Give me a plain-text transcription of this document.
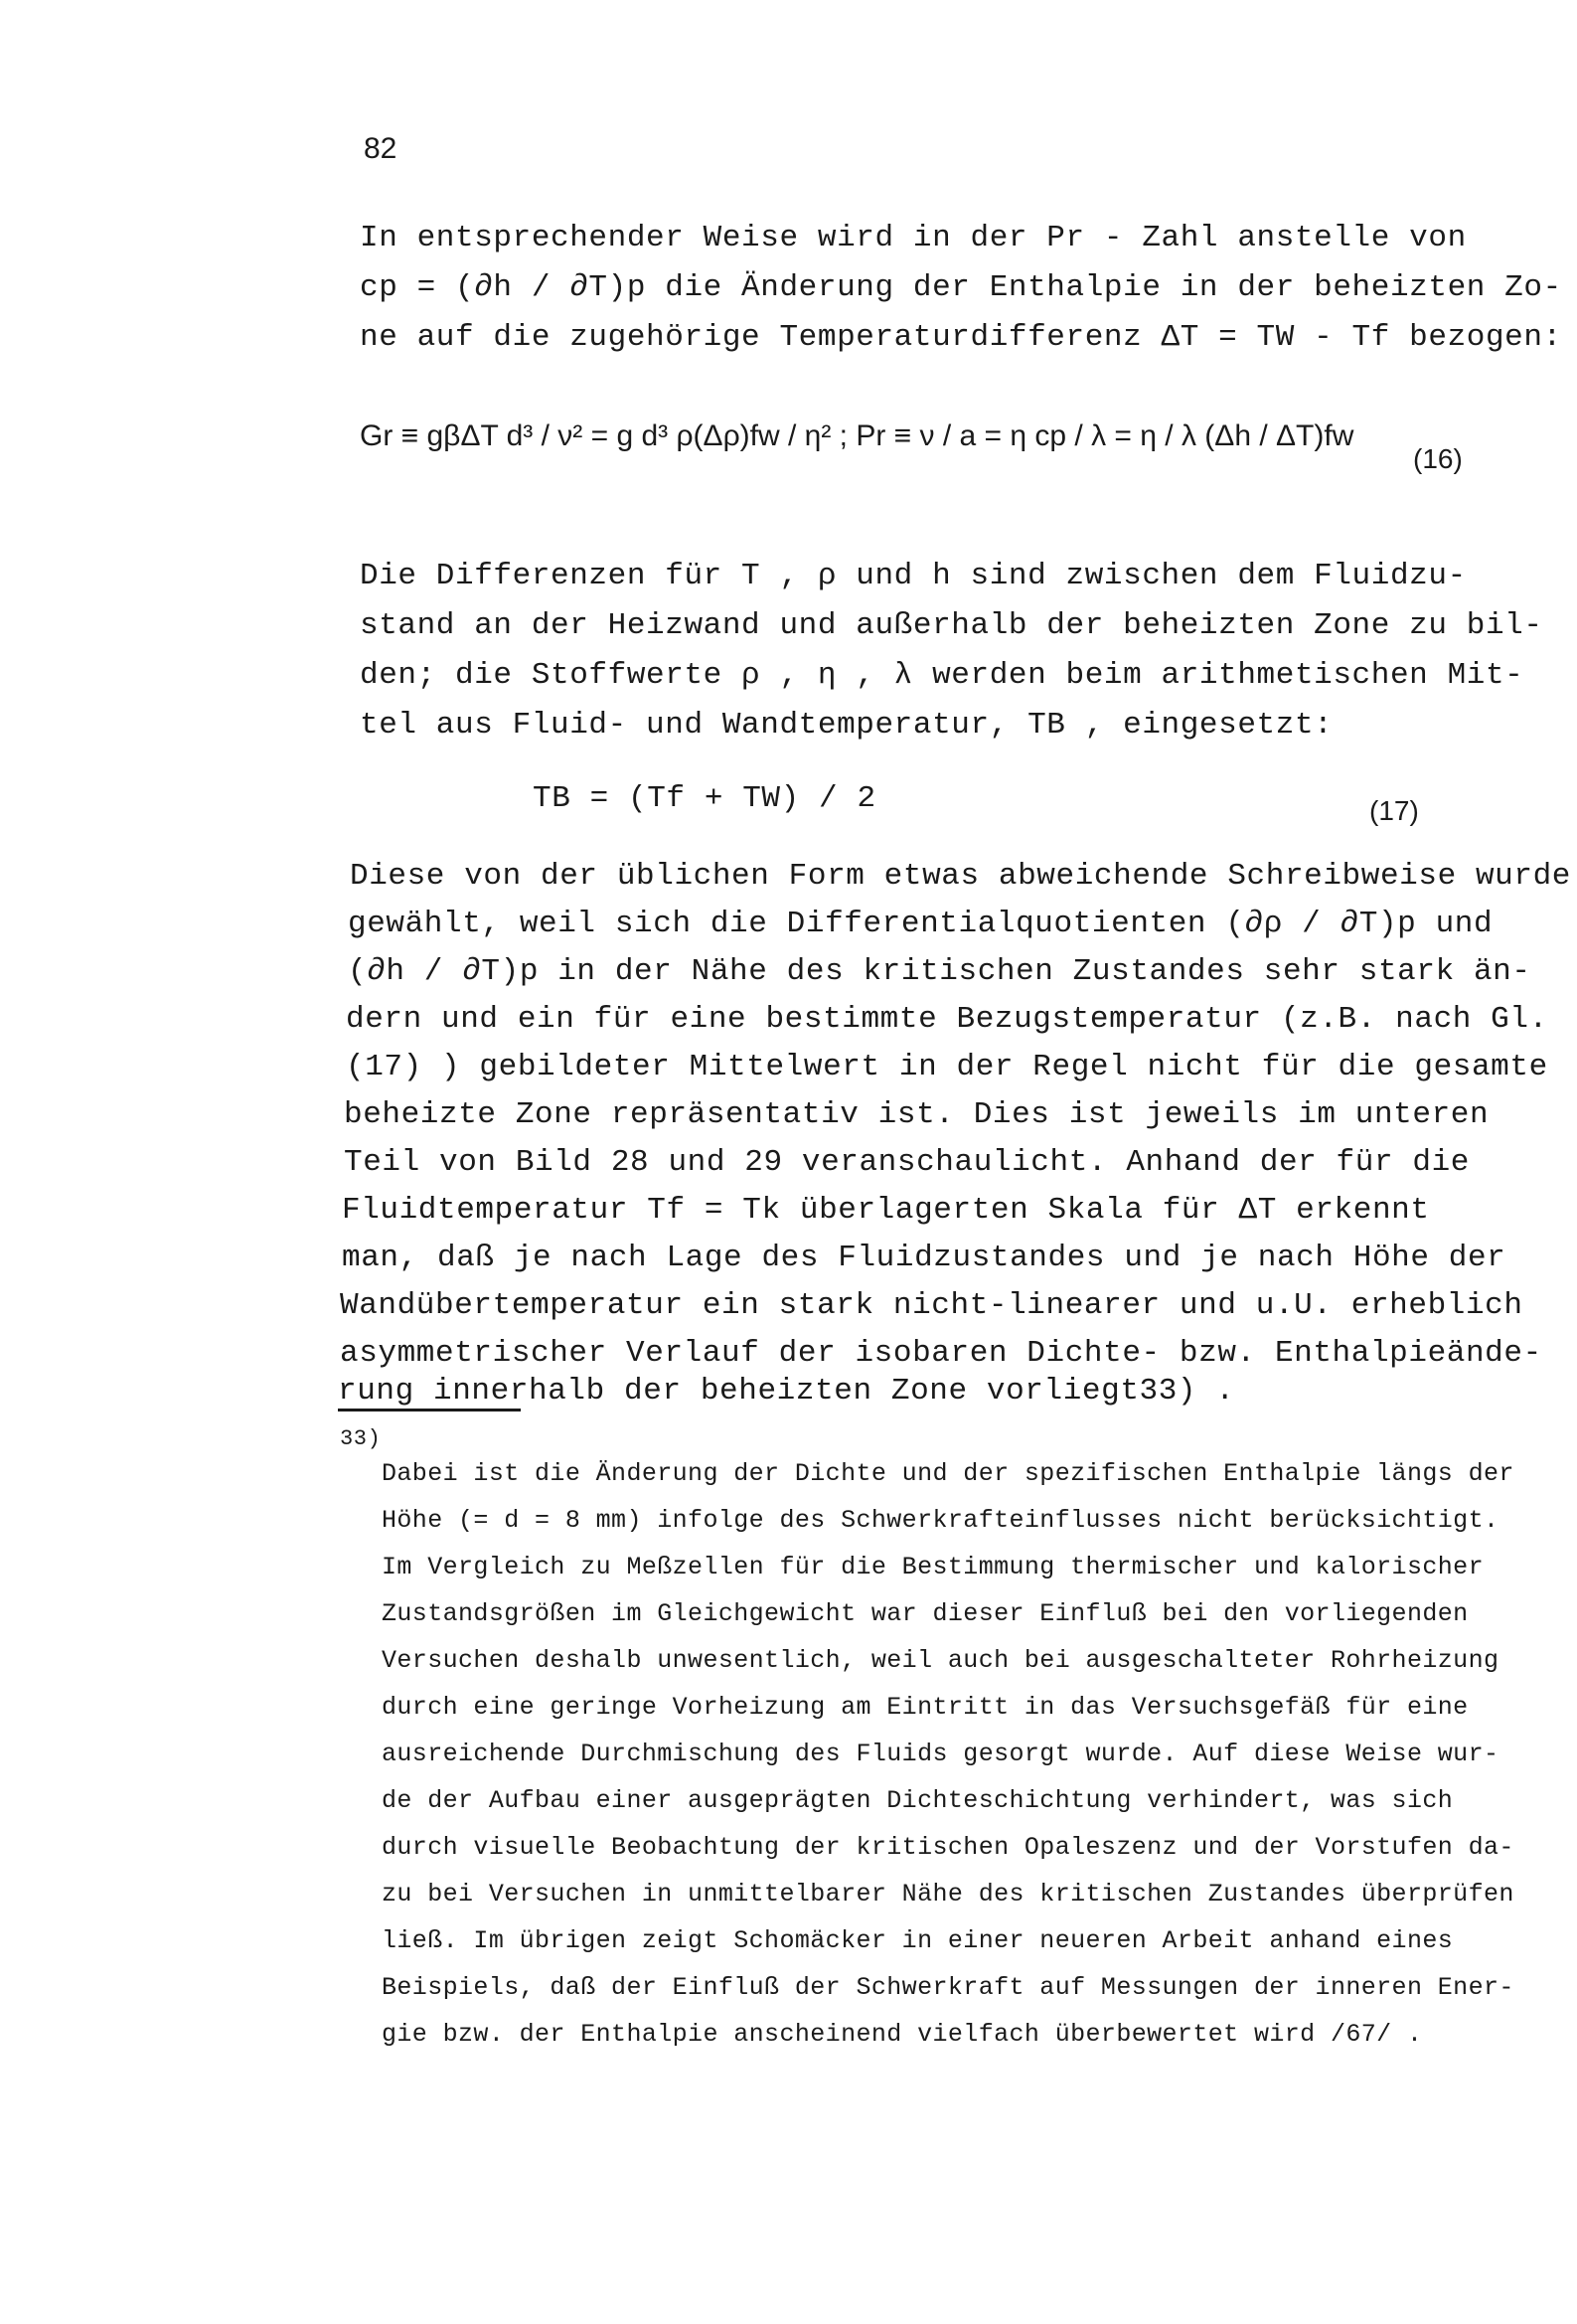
82
In entsprechender Weise wird in der Pr - Zahl anstelle von
cp = (∂h / ∂T)p die Änderung der Enthalpie in der beheizten Zo-
ne auf die zugehörige Temperaturdifferenz ΔT = TW - Tf bezogen:
Gr ≡ gβΔT d³ / ν² = g d³ ρ(Δρ)fw / η² ; Pr ≡ ν / a = η cp / λ = η / λ (Δh / ΔT)fw
(16)
Die Differenzen für T , ρ und h sind zwischen dem Fluidzu-
stand an der Heizwand und außerhalb der beheizten Zone zu bil-
den; die Stoffwerte ρ , η , λ werden beim arithmetischen Mit-
tel aus Fluid- und Wandtemperatur, TB , eingesetzt:
TB = (Tf + TW) / 2	(17)
Diese von der üblichen Form etwas abweichende Schreibweise wurde
gewählt, weil sich die Differentialquotienten (∂ρ / ∂T)p und
(∂h / ∂T)p in der Nähe des kritischen Zustandes sehr stark än-
dern und ein für eine bestimmte Bezugstemperatur (z.B. nach Gl.
(17) ) gebildeter Mittelwert in der Regel nicht für die gesamte
beheizte Zone repräsentativ ist. Dies ist jeweils im unteren
Teil von Bild 28 und 29 veranschaulicht. Anhand der für die
Fluidtemperatur Tf = Tk überlagerten Skala für ΔT erkennt
man, daß je nach Lage des Fluidzustandes und je nach Höhe der
Wandübertemperatur ein stark nicht-linearer und u.U. erheblich
asymmetrischer Verlauf der isobaren Dichte- bzw. Enthalpieände-
rung innerhalb der beheizten Zone vorliegt33) .
33)
Dabei ist die Änderung der Dichte und der spezifischen Enthalpie längs der
Höhe (= d = 8 mm) infolge des Schwerkrafteinflusses nicht berücksichtigt.
Im Vergleich zu Meßzellen für die Bestimmung thermischer und kalorischer
Zustandsgrößen im Gleichgewicht war dieser Einfluß bei den vorliegenden
Versuchen deshalb unwesentlich, weil auch bei ausgeschalteter Rohrheizung
durch eine geringe Vorheizung am Eintritt in das Versuchsgefäß für eine
ausreichende Durchmischung des Fluids gesorgt wurde. Auf diese Weise wur-
de der Aufbau einer ausgeprägten Dichteschichtung verhindert, was sich
durch visuelle Beobachtung der kritischen Opaleszenz und der Vorstufen da-
zu bei Versuchen in unmittelbarer Nähe des kritischen Zustandes überprüfen
ließ. Im übrigen zeigt Schomäcker in einer neueren Arbeit anhand eines
Beispiels, daß der Einfluß der Schwerkraft auf Messungen der inneren Ener-
gie bzw. der Enthalpie anscheinend vielfach überbewertet wird /67/ .
